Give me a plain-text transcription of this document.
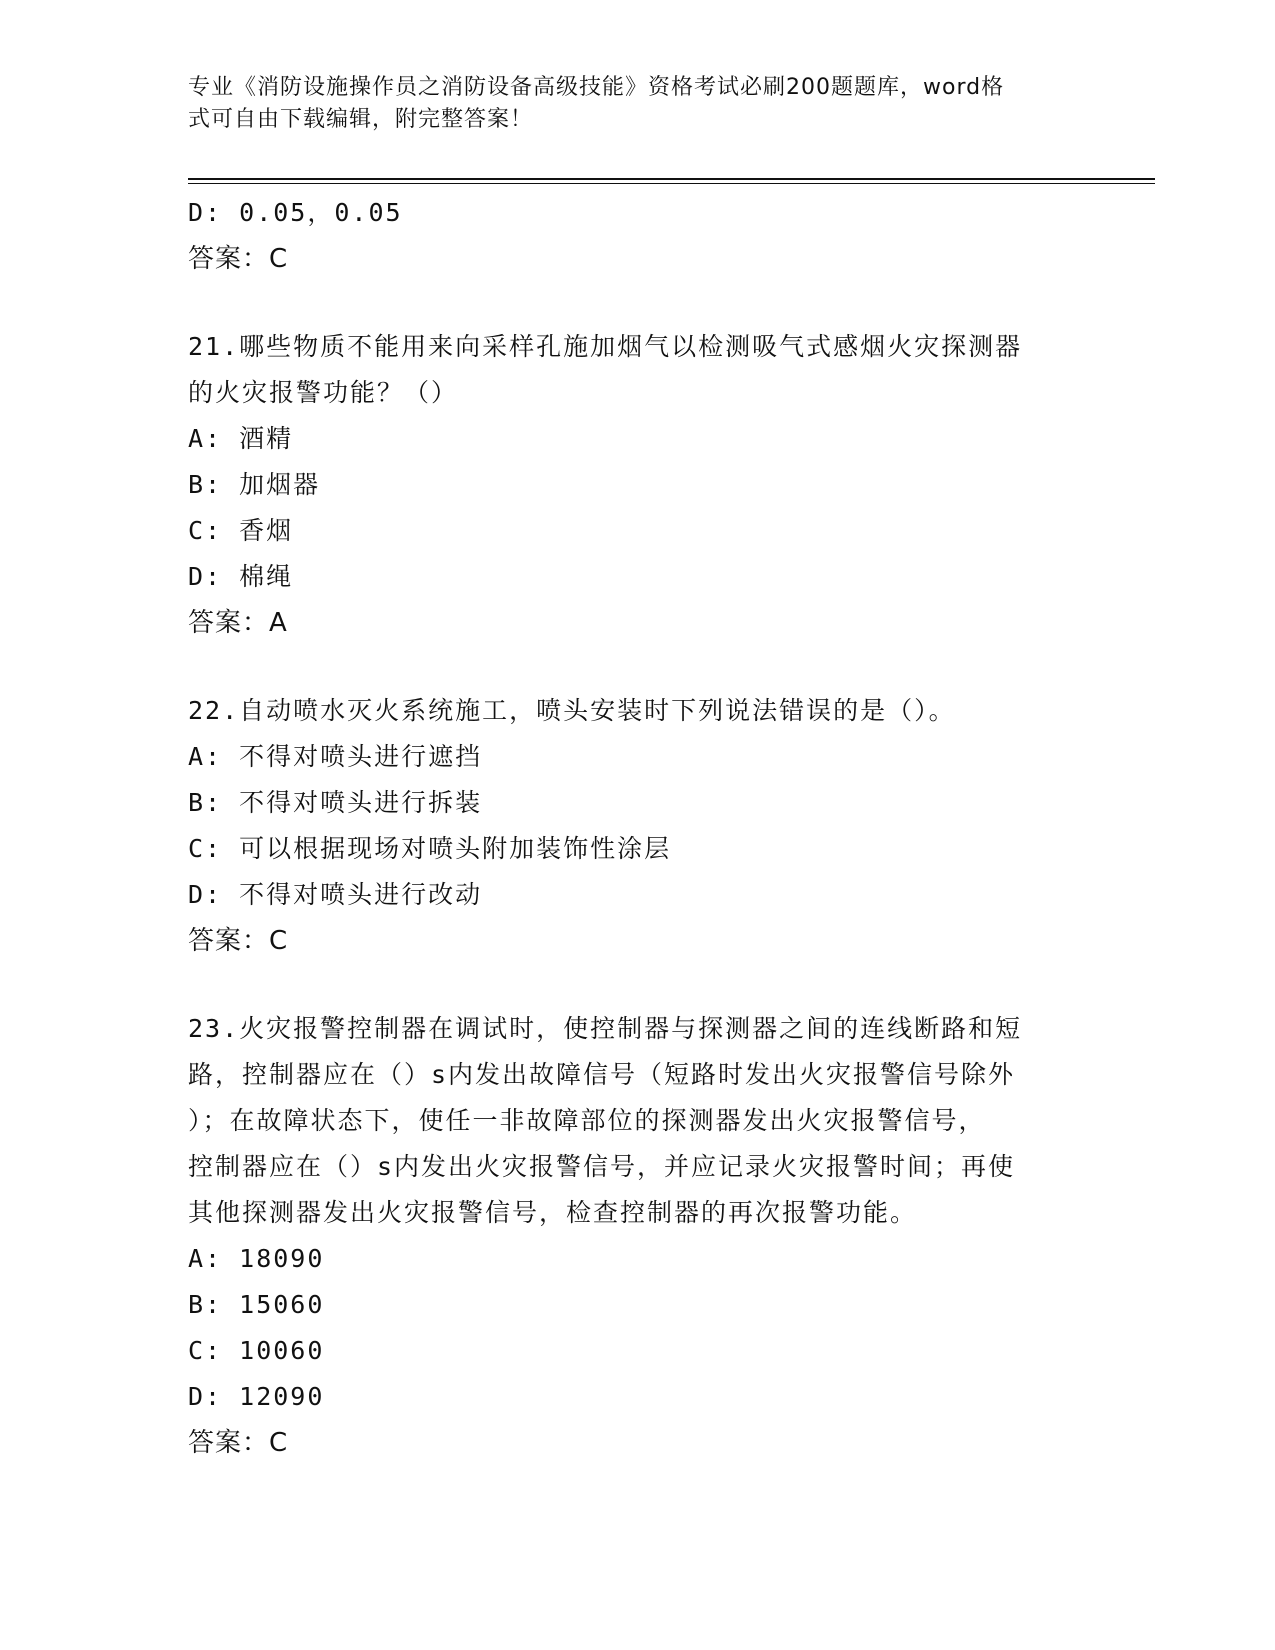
专业《消防设施操作员之消防设备高级技能》资格考试必刷200题题库，word格
式可自由下载编辑，附完整答案！
D: 0.05，0.05
答案：C
21.哪些物质不能用来向采样孔施加烟气以检测吸气式感烟火灾探测器
的火灾报警功能？（）
A: 酒精
B: 加烟器
C: 香烟
D: 棉绳
答案：A
22.自动喷水灭火系统施工，喷头安装时下列说法错误的是（）。
A: 不得对喷头进行遮挡
B: 不得对喷头进行拆装
C: 可以根据现场对喷头附加装饰性涂层
D: 不得对喷头进行改动
答案：C
23.火灾报警控制器在调试时，使控制器与探测器之间的连线断路和短
路，控制器应在（）s内发出故障信号（短路时发出火灾报警信号除外
）；在故障状态下，使任一非故障部位的探测器发出火灾报警信号，
控制器应在（）s内发出火灾报警信号，并应记录火灾报警时间；再使
其他探测器发出火灾报警信号，检查控制器的再次报警功能。
A: 18090
B: 15060
C: 10060
D: 12090
答案：C
